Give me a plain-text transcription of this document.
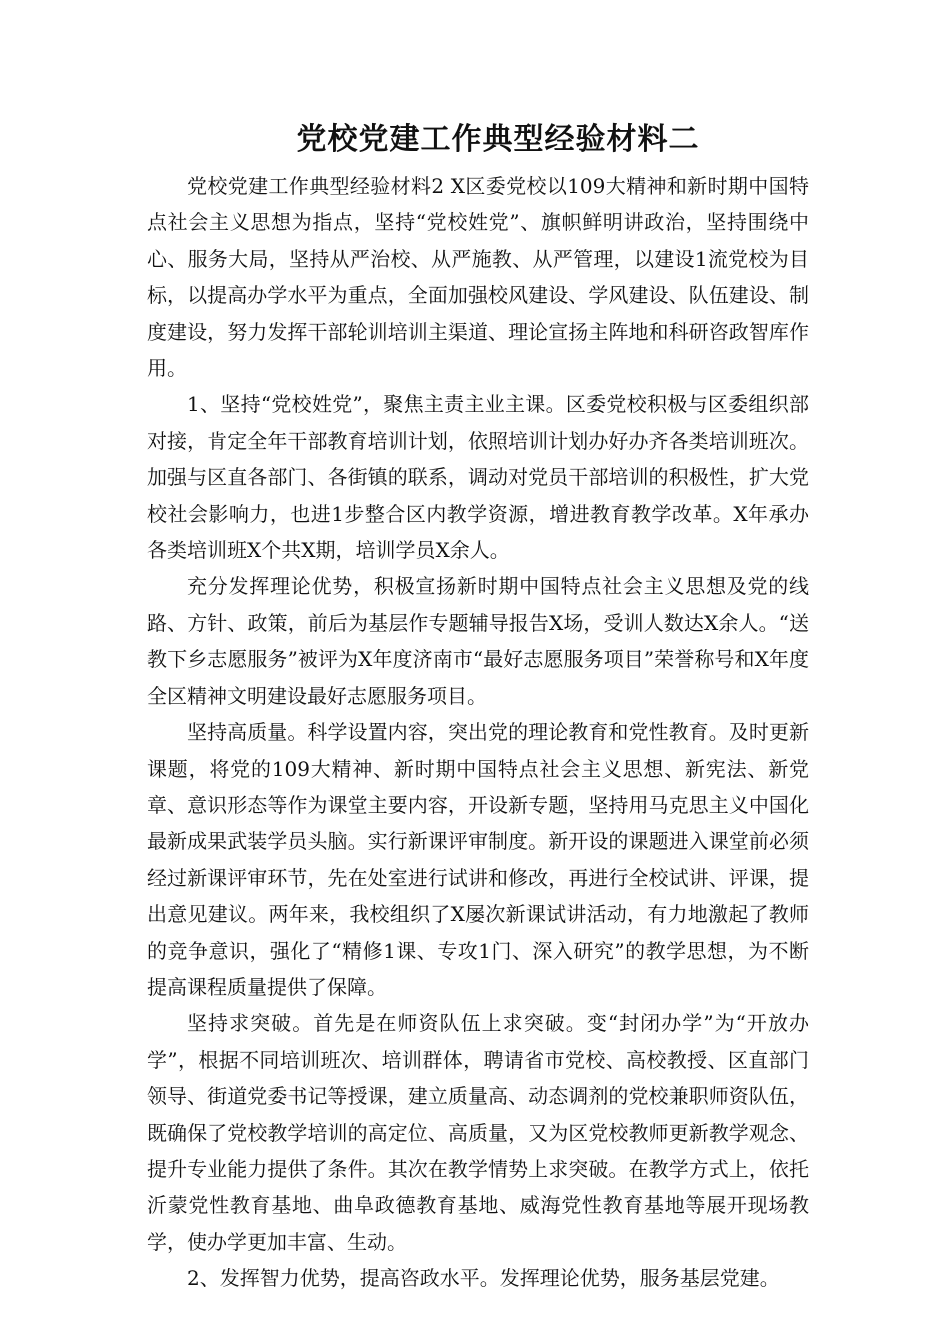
党校党建工作典型经验材料二

党校党建工作典型经验材料2 X区委党校以109大精神和新时期中国特点社会主义思想为指点，坚持“党校姓党”、旗帜鲜明讲政治，坚持围绕中心、服务大局，坚持从严治校、从严施教、从严管理，以建设1流党校为目标，以提高办学水平为重点，全面加强校风建设、学风建设、队伍建设、制度建设，努力发挥干部轮训培训主渠道、理论宣扬主阵地和科研咨政智库作用。

1、坚持“党校姓党”，聚焦主责主业主课。区委党校积极与区委组织部对接，肯定全年干部教育培训计划，依照培训计划办好办齐各类培训班次。加强与区直各部门、各街镇的联系，调动对党员干部培训的积极性，扩大党校社会影响力，也进1步整合区内教学资源，增进教育教学改革。X年承办各类培训班X个共X期，培训学员X余人。

充分发挥理论优势，积极宣扬新时期中国特点社会主义思想及党的线路、方针、政策，前后为基层作专题辅导报告X场，受训人数达X余人。“送教下乡志愿服务”被评为X年度济南市“最好志愿服务项目”荣誉称号和X年度全区精神文明建设最好志愿服务项目。

坚持高质量。科学设置内容，突出党的理论教育和党性教育。及时更新课题，将党的109大精神、新时期中国特点社会主义思想、新宪法、新党章、意识形态等作为课堂主要内容，开设新专题，坚持用马克思主义中国化最新成果武装学员头脑。实行新课评审制度。新开设的课题进入课堂前必须经过新课评审环节，先在处室进行试讲和修改，再进行全校试讲、评课，提出意见建议。两年来，我校组织了X屡次新课试讲活动，有力地激起了教师的竞争意识，强化了“精修1课、专攻1门、深入研究”的教学思想，为不断提高课程质量提供了保障。

坚持求突破。首先是在师资队伍上求突破。变“封闭办学”为“开放办学”，根据不同培训班次、培训群体，聘请省市党校、高校教授、区直部门领导、街道党委书记等授课，建立质量高、动态调剂的党校兼职师资队伍，既确保了党校教学培训的高定位、高质量，又为区党校教师更新教学观念、提升专业能力提供了条件。其次在教学情势上求突破。在教学方式上，依托沂蒙党性教育基地、曲阜政德教育基地、威海党性教育基地等展开现场教学，使办学更加丰富、生动。

2、发挥智力优势，提高咨政水平。发挥理论优势，服务基层党建。
